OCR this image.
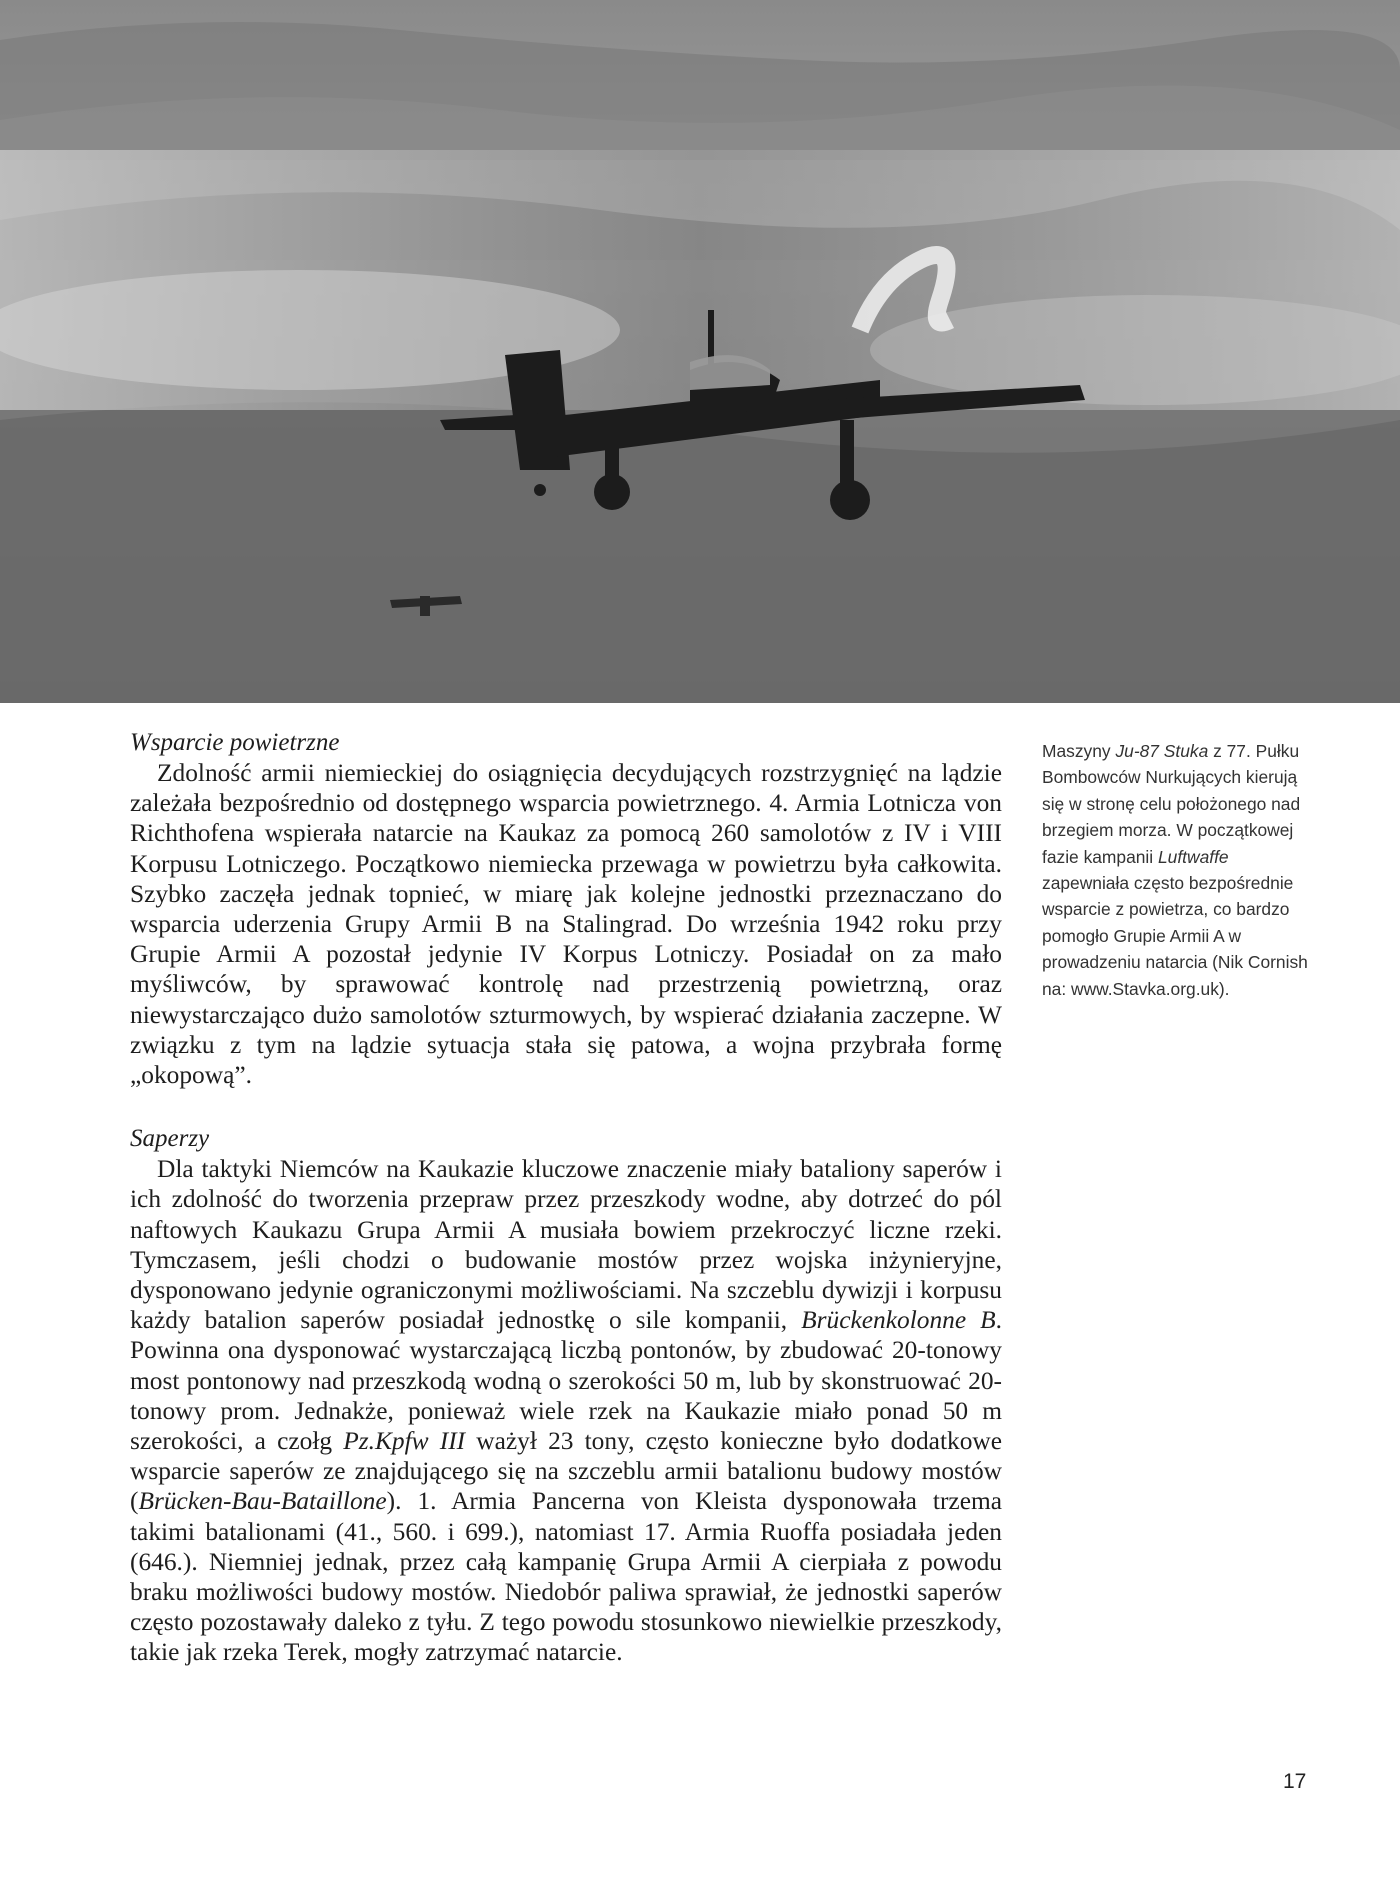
Maszyny Ju-87 Stuka z 77. Pułku Bombowców Nurkujących kierują się w stronę celu położonego nad brzegiem morza. W początkowej fazie kampanii Luftwaffe zapewniała często bezpośrednie wsparcie z powietrza, co bardzo pomogło Grupie Armii A w prowadzeniu natarcia (Nik Cornish na: www.Stavka.org.uk).
Wsparcie powietrzne

Zdolność armii niemieckiej do osiągnięcia decydujących rozstrzygnięć na lądzie zależała bezpośrednio od dostępnego wsparcia powietrznego. 4. Armia Lotnicza von Richthofena wspierała natarcie na Kaukaz za pomocą 260 samolotów z IV i VIII Korpusu Lotniczego. Początkowo niemiecka przewaga w powietrzu była całkowita. Szybko zaczęła jednak topnieć, w miarę jak kolejne jednostki przeznaczano do wsparcia uderzenia Grupy Armii B na Stalingrad. Do września 1942 roku przy Grupie Armii A pozostał jedynie IV Korpus Lotniczy. Posiadał on za mało myśliwców, by sprawować kontrolę nad przestrzenią powietrzną, oraz niewystarczająco dużo samolotów szturmowych, by wspierać działania zaczepne. W związku z tym na lądzie sytuacja stała się patowa, a wojna przybrała formę „okopową”.

Saperzy

Dla taktyki Niemców na Kaukazie kluczowe znaczenie miały bataliony saperów i ich zdolność do tworzenia przepraw przez przeszkody wodne, aby dotrzeć do pól naftowych Kaukazu Grupa Armii A musiała bowiem przekroczyć liczne rzeki. Tymczasem, jeśli chodzi o budowanie mostów przez wojska inżynieryjne, dysponowano jedynie ograniczonymi możliwościami. Na szczeblu dywizji i korpusu każdy batalion saperów posiadał jednostkę o sile kompanii, Brückenkolonne B. Powinna ona dysponować wystarczającą liczbą pontonów, by zbudować 20-tonowy most pontonowy nad przeszkodą wodną o szerokości 50 m, lub by skonstruować 20-tonowy prom. Jednakże, ponieważ wiele rzek na Kaukazie miało ponad 50 m szerokości, a czołg Pz.Kpfw III ważył 23 tony, często konieczne było dodatkowe wsparcie saperów ze znajdującego się na szczeblu armii batalionu budowy mostów (Brücken-Bau-Bataillone). 1. Armia Pancerna von Kleista dysponowała trzema takimi batalionami (41., 560. i 699.), natomiast 17. Armia Ruoffa posiadała jeden (646.). Niemniej jednak, przez całą kampanię Grupa Armii A cierpiała z powodu braku możliwości budowy mostów. Niedobór paliwa sprawiał, że jednostki saperów często pozostawały daleko z tyłu. Z tego powodu stosunkowo niewielkie przeszkody, takie jak rzeka Terek, mogły zatrzymać natarcie.

17
